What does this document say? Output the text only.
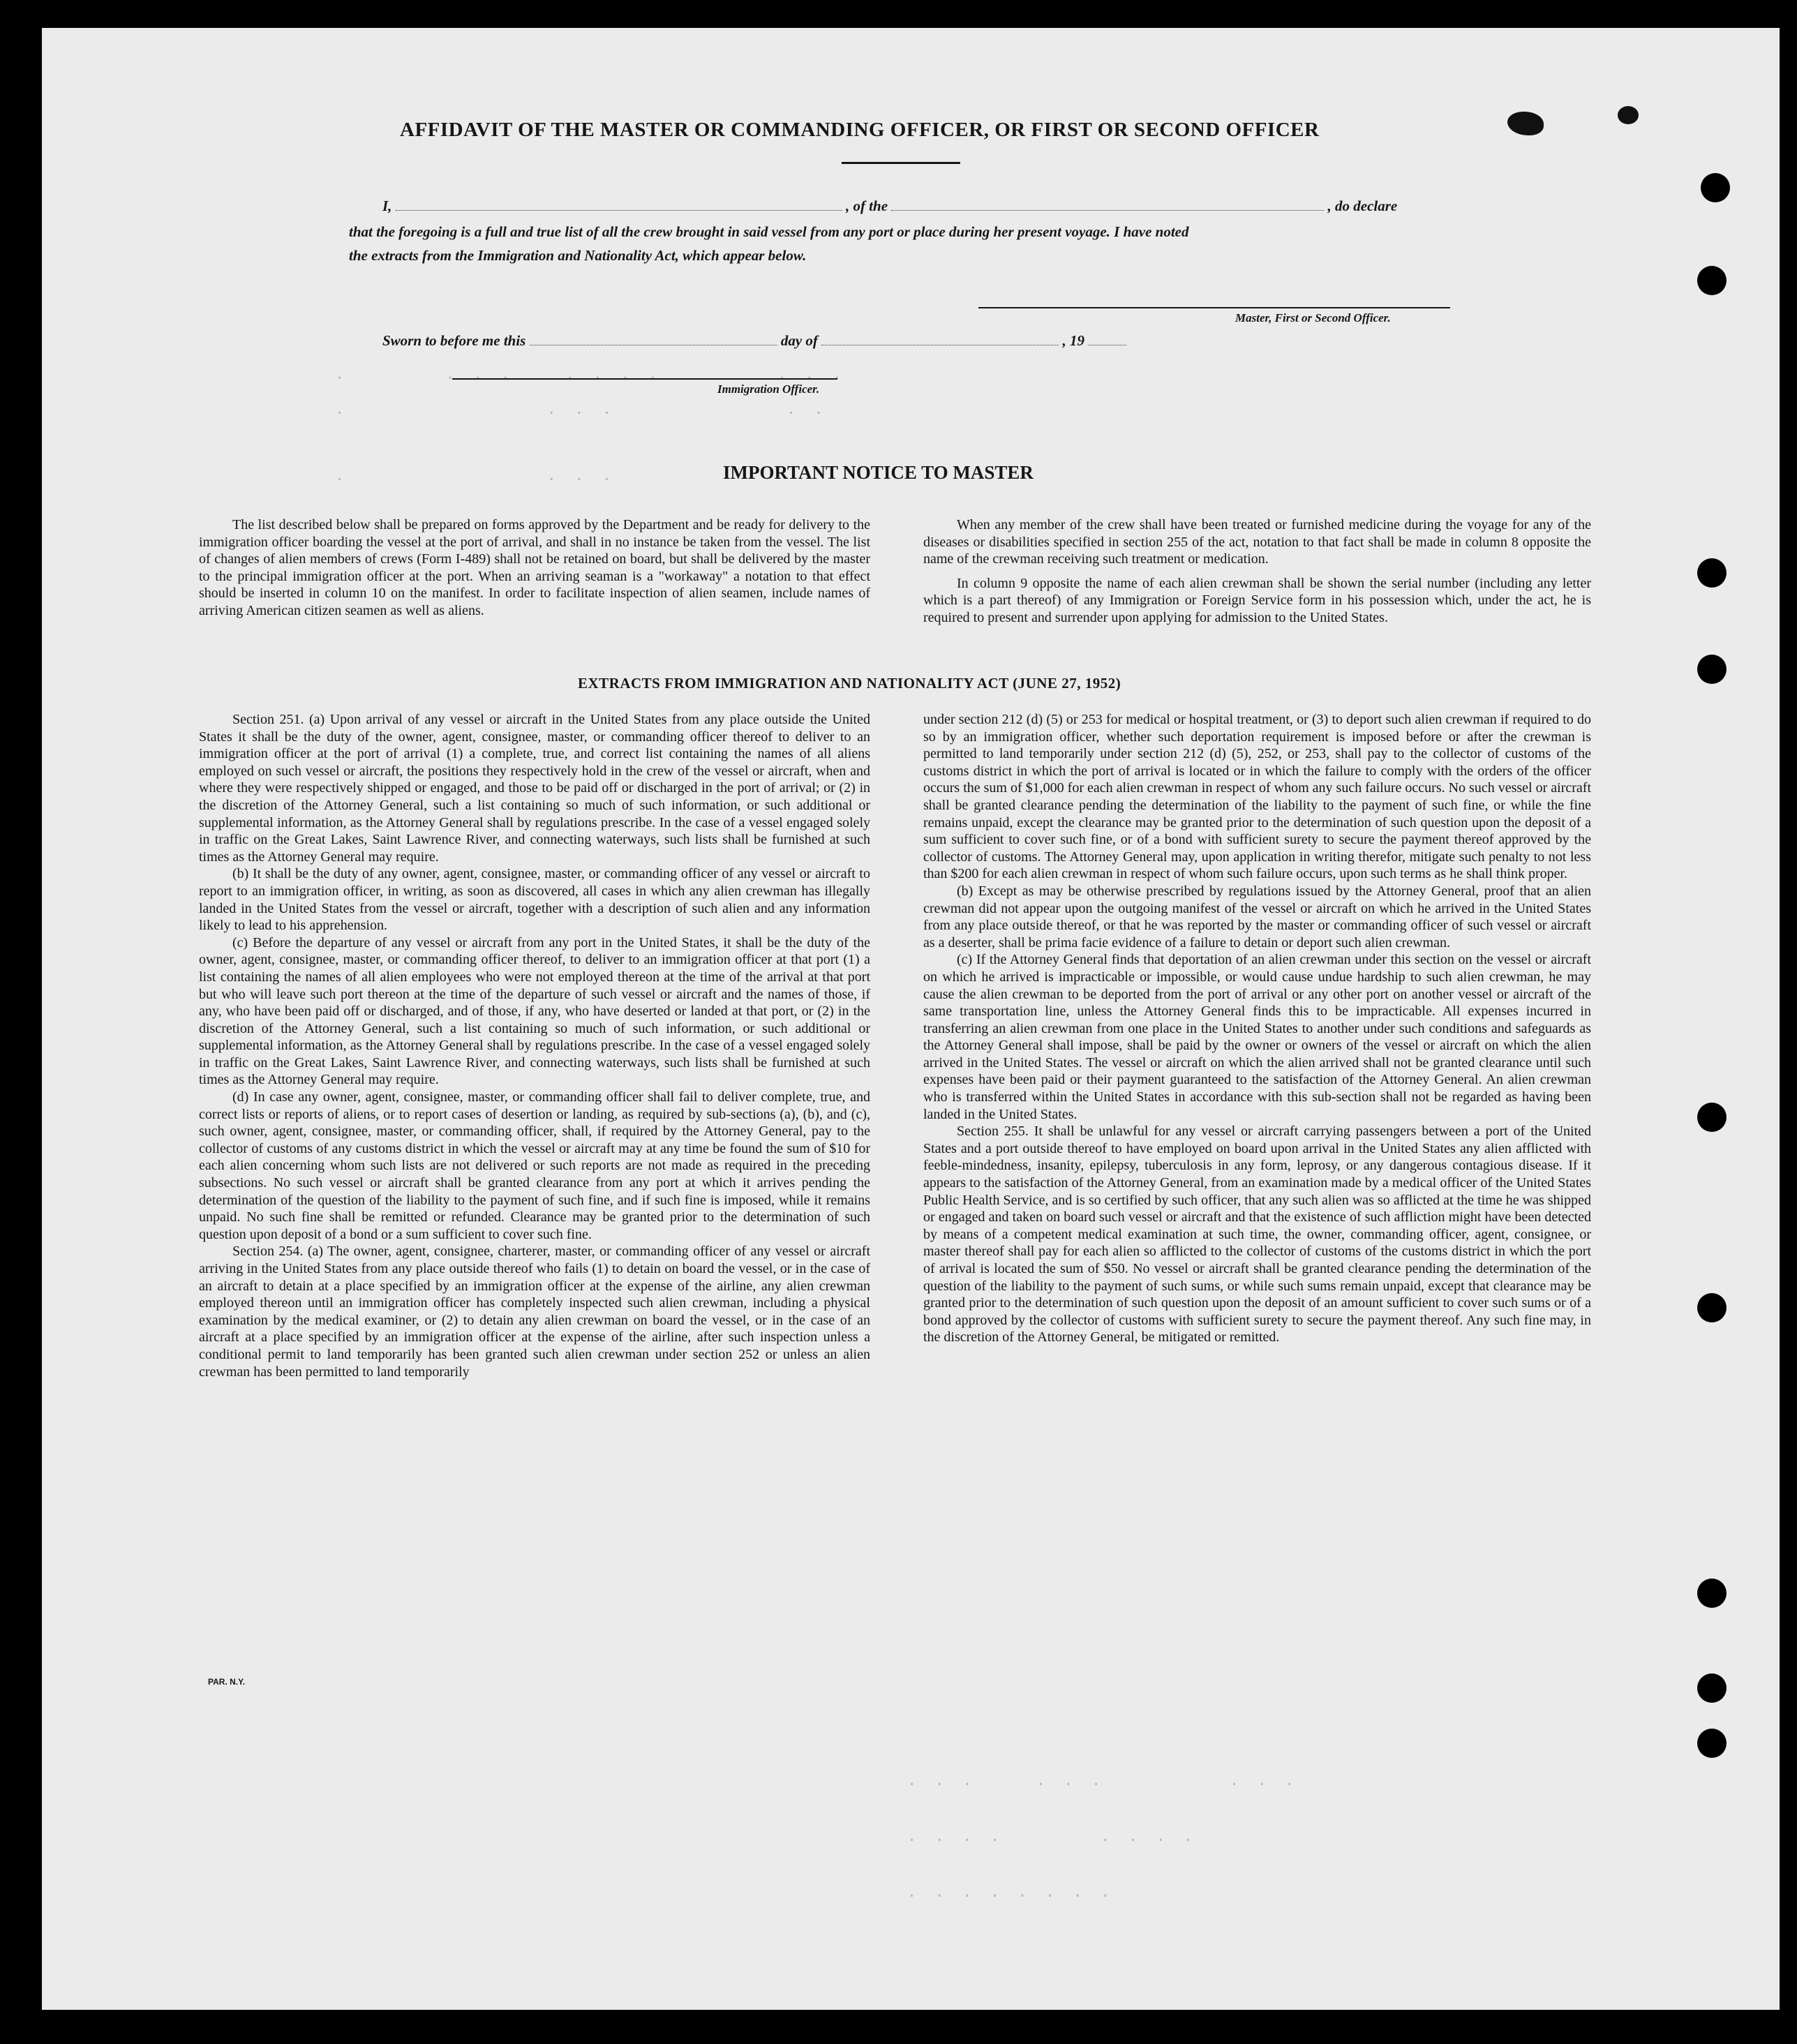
.           .  .  .      .  .  .  .             .  .  .
.                      .  .  .                   .  .
.                      .  .  .
.  .  .       .  .  .              .  .  .
.  .  .  .           .  .  .  .
.  .  .  .  .  .  .  .
AFFIDAVIT OF THE MASTER OR COMMANDING OFFICER, OR FIRST OR SECOND OFFICER
I,	, of the	, do declare
that the foregoing is a full and true list of all the crew brought in said vessel from any port or place during her present voyage. I have noted
the extracts from the Immigration and Nationality Act, which appear below.
Master, First or Second Officer.
Sworn to before me this	day of	, 19
Immigration Officer.
IMPORTANT NOTICE TO MASTER

The list described below shall be prepared on forms approved by the Department and be ready for delivery to the immigration officer boarding the vessel at the port of arrival, and shall in no instance be taken from the vessel. The list of changes of alien members of crews (Form I-489) shall not be retained on board, but shall be delivered by the master to the principal immigration officer at the port. When an arriving seaman is a "workaway" a notation to that effect should be inserted in column 10 on the manifest. In order to facilitate inspection of alien seamen, include names of arriving American citizen seamen as well as aliens.

When any member of the crew shall have been treated or furnished medicine during the voyage for any of the diseases or disabilities specified in section 255 of the act, notation to that fact shall be made in column 8 opposite the name of the crewman receiving such treatment or medication.

In column 9 opposite the name of each alien crewman shall be shown the serial number (including any letter which is a part thereof) of any Immigration or Foreign Service form in his possession which, under the act, he is required to present and surrender upon applying for admission to the United States.

EXTRACTS FROM IMMIGRATION AND NATIONALITY ACT (JUNE 27, 1952)

Section 251. (a) Upon arrival of any vessel or aircraft in the United States from any place outside the United States it shall be the duty of the owner, agent, consignee, master, or commanding officer thereof to deliver to an immigration officer at the port of arrival (1) a complete, true, and correct list containing the names of all aliens employed on such vessel or aircraft, the positions they respectively hold in the crew of the vessel or aircraft, when and where they were respectively shipped or engaged, and those to be paid off or discharged in the port of arrival; or (2) in the discretion of the Attorney General, such a list containing so much of such information, or such additional or supplemental information, as the Attorney General shall by regulations prescribe. In the case of a vessel engaged solely in traffic on the Great Lakes, Saint Lawrence River, and connecting waterways, such lists shall be furnished at such times as the Attorney General may require.

(b) It shall be the duty of any owner, agent, consignee, master, or commanding officer of any vessel or aircraft to report to an immigration officer, in writing, as soon as discovered, all cases in which any alien crewman has illegally landed in the United States from the vessel or aircraft, together with a description of such alien and any information likely to lead to his apprehension.

(c) Before the departure of any vessel or aircraft from any port in the United States, it shall be the duty of the owner, agent, consignee, master, or commanding officer thereof, to deliver to an immigration officer at that port (1) a list containing the names of all alien employees who were not employed thereon at the time of the arrival at that port but who will leave such port thereon at the time of the departure of such vessel or aircraft and the names of those, if any, who have been paid off or discharged, and of those, if any, who have deserted or landed at that port, or (2) in the discretion of the Attorney General, such a list containing so much of such information, or such additional or supplemental information, as the Attorney General shall by regulations prescribe. In the case of a vessel engaged solely in traffic on the Great Lakes, Saint Lawrence River, and connecting waterways, such lists shall be furnished at such times as the Attorney General may require.

(d) In case any owner, agent, consignee, master, or commanding officer shall fail to deliver complete, true, and correct lists or reports of aliens, or to report cases of desertion or landing, as required by sub-sections (a), (b), and (c), such owner, agent, consignee, master, or commanding officer, shall, if required by the Attorney General, pay to the collector of customs of any customs district in which the vessel or aircraft may at any time be found the sum of $10 for each alien concerning whom such lists are not delivered or such reports are not made as required in the preceding subsections. No such vessel or aircraft shall be granted clearance from any port at which it arrives pending the determination of the question of the liability to the payment of such fine, and if such fine is imposed, while it remains unpaid. No such fine shall be remitted or refunded. Clearance may be granted prior to the determination of such question upon deposit of a bond or a sum sufficient to cover such fine.

Section 254. (a) The owner, agent, consignee, charterer, master, or commanding officer of any vessel or aircraft arriving in the United States from any place outside thereof who fails (1) to detain on board the vessel, or in the case of an aircraft to detain at a place specified by an immigration officer at the expense of the airline, any alien crewman employed thereon until an immigration officer has completely inspected such alien crewman, including a physical examination by the medical examiner, or (2) to detain any alien crewman on board the vessel, or in the case of an aircraft at a place specified by an immigration officer at the expense of the airline, after such inspection unless a conditional permit to land temporarily has been granted such alien crewman under section 252 or unless an alien crewman has been permitted to land temporarily

under section 212 (d) (5) or 253 for medical or hospital treatment, or (3) to deport such alien crewman if required to do so by an immigration officer, whether such deportation requirement is imposed before or after the crewman is permitted to land temporarily under section 212 (d) (5), 252, or 253, shall pay to the collector of customs of the customs district in which the port of arrival is located or in which the failure to comply with the orders of the officer occurs the sum of $1,000 for each alien crewman in respect of whom any such failure occurs. No such vessel or aircraft shall be granted clearance pending the determination of the liability to the payment of such fine, or while the fine remains unpaid, except the clearance may be granted prior to the determination of such question upon the deposit of a sum sufficient to cover such fine, or of a bond with sufficient surety to secure the payment thereof approved by the collector of customs. The Attorney General may, upon application in writing therefor, mitigate such penalty to not less than $200 for each alien crewman in respect of whom such failure occurs, upon such terms as he shall think proper.

(b) Except as may be otherwise prescribed by regulations issued by the Attorney General, proof that an alien crewman did not appear upon the outgoing manifest of the vessel or aircraft on which he arrived in the United States from any place outside thereof, or that he was reported by the master or commanding officer of such vessel or aircraft as a deserter, shall be prima facie evidence of a failure to detain or deport such alien crewman.

(c) If the Attorney General finds that deportation of an alien crewman under this section on the vessel or aircraft on which he arrived is impracticable or impossible, or would cause undue hardship to such alien crewman, he may cause the alien crewman to be deported from the port of arrival or any other port on another vessel or aircraft of the same transportation line, unless the Attorney General finds this to be impracticable. All expenses incurred in transferring an alien crewman from one place in the United States to another under such conditions and safeguards as the Attorney General shall impose, shall be paid by the owner or owners of the vessel or aircraft on which the alien arrived in the United States. The vessel or aircraft on which the alien arrived shall not be granted clearance until such expenses have been paid or their payment guaranteed to the satisfaction of the Attorney General. An alien crewman who is transferred within the United States in accordance with this sub-section shall not be regarded as having been landed in the United States.

Section 255. It shall be unlawful for any vessel or aircraft carrying passengers between a port of the United States and a port outside thereof to have employed on board upon arrival in the United States any alien afflicted with feeble-mindedness, insanity, epilepsy, tuberculosis in any form, leprosy, or any dangerous contagious disease. If it appears to the satisfaction of the Attorney General, from an examination made by a medical officer of the United States Public Health Service, and is so certified by such officer, that any such alien was so afflicted at the time he was shipped or engaged and taken on board such vessel or aircraft and that the existence of such affliction might have been detected by means of a competent medical examination at such time, the owner, commanding officer, agent, consignee, or master thereof shall pay for each alien so afflicted to the collector of customs of the customs district in which the port of arrival is located the sum of $50. No vessel or aircraft shall be granted clearance pending the determination of the question of the liability to the payment of such sums, or while such sums remain unpaid, except that clearance may be granted prior to the determination of such question upon the deposit of an amount sufficient to cover such sums or of a bond approved by the collector of customs with sufficient surety to secure the payment thereof. Any such fine may, in the discretion of the Attorney General, be mitigated or remitted.

PAR. N.Y.
